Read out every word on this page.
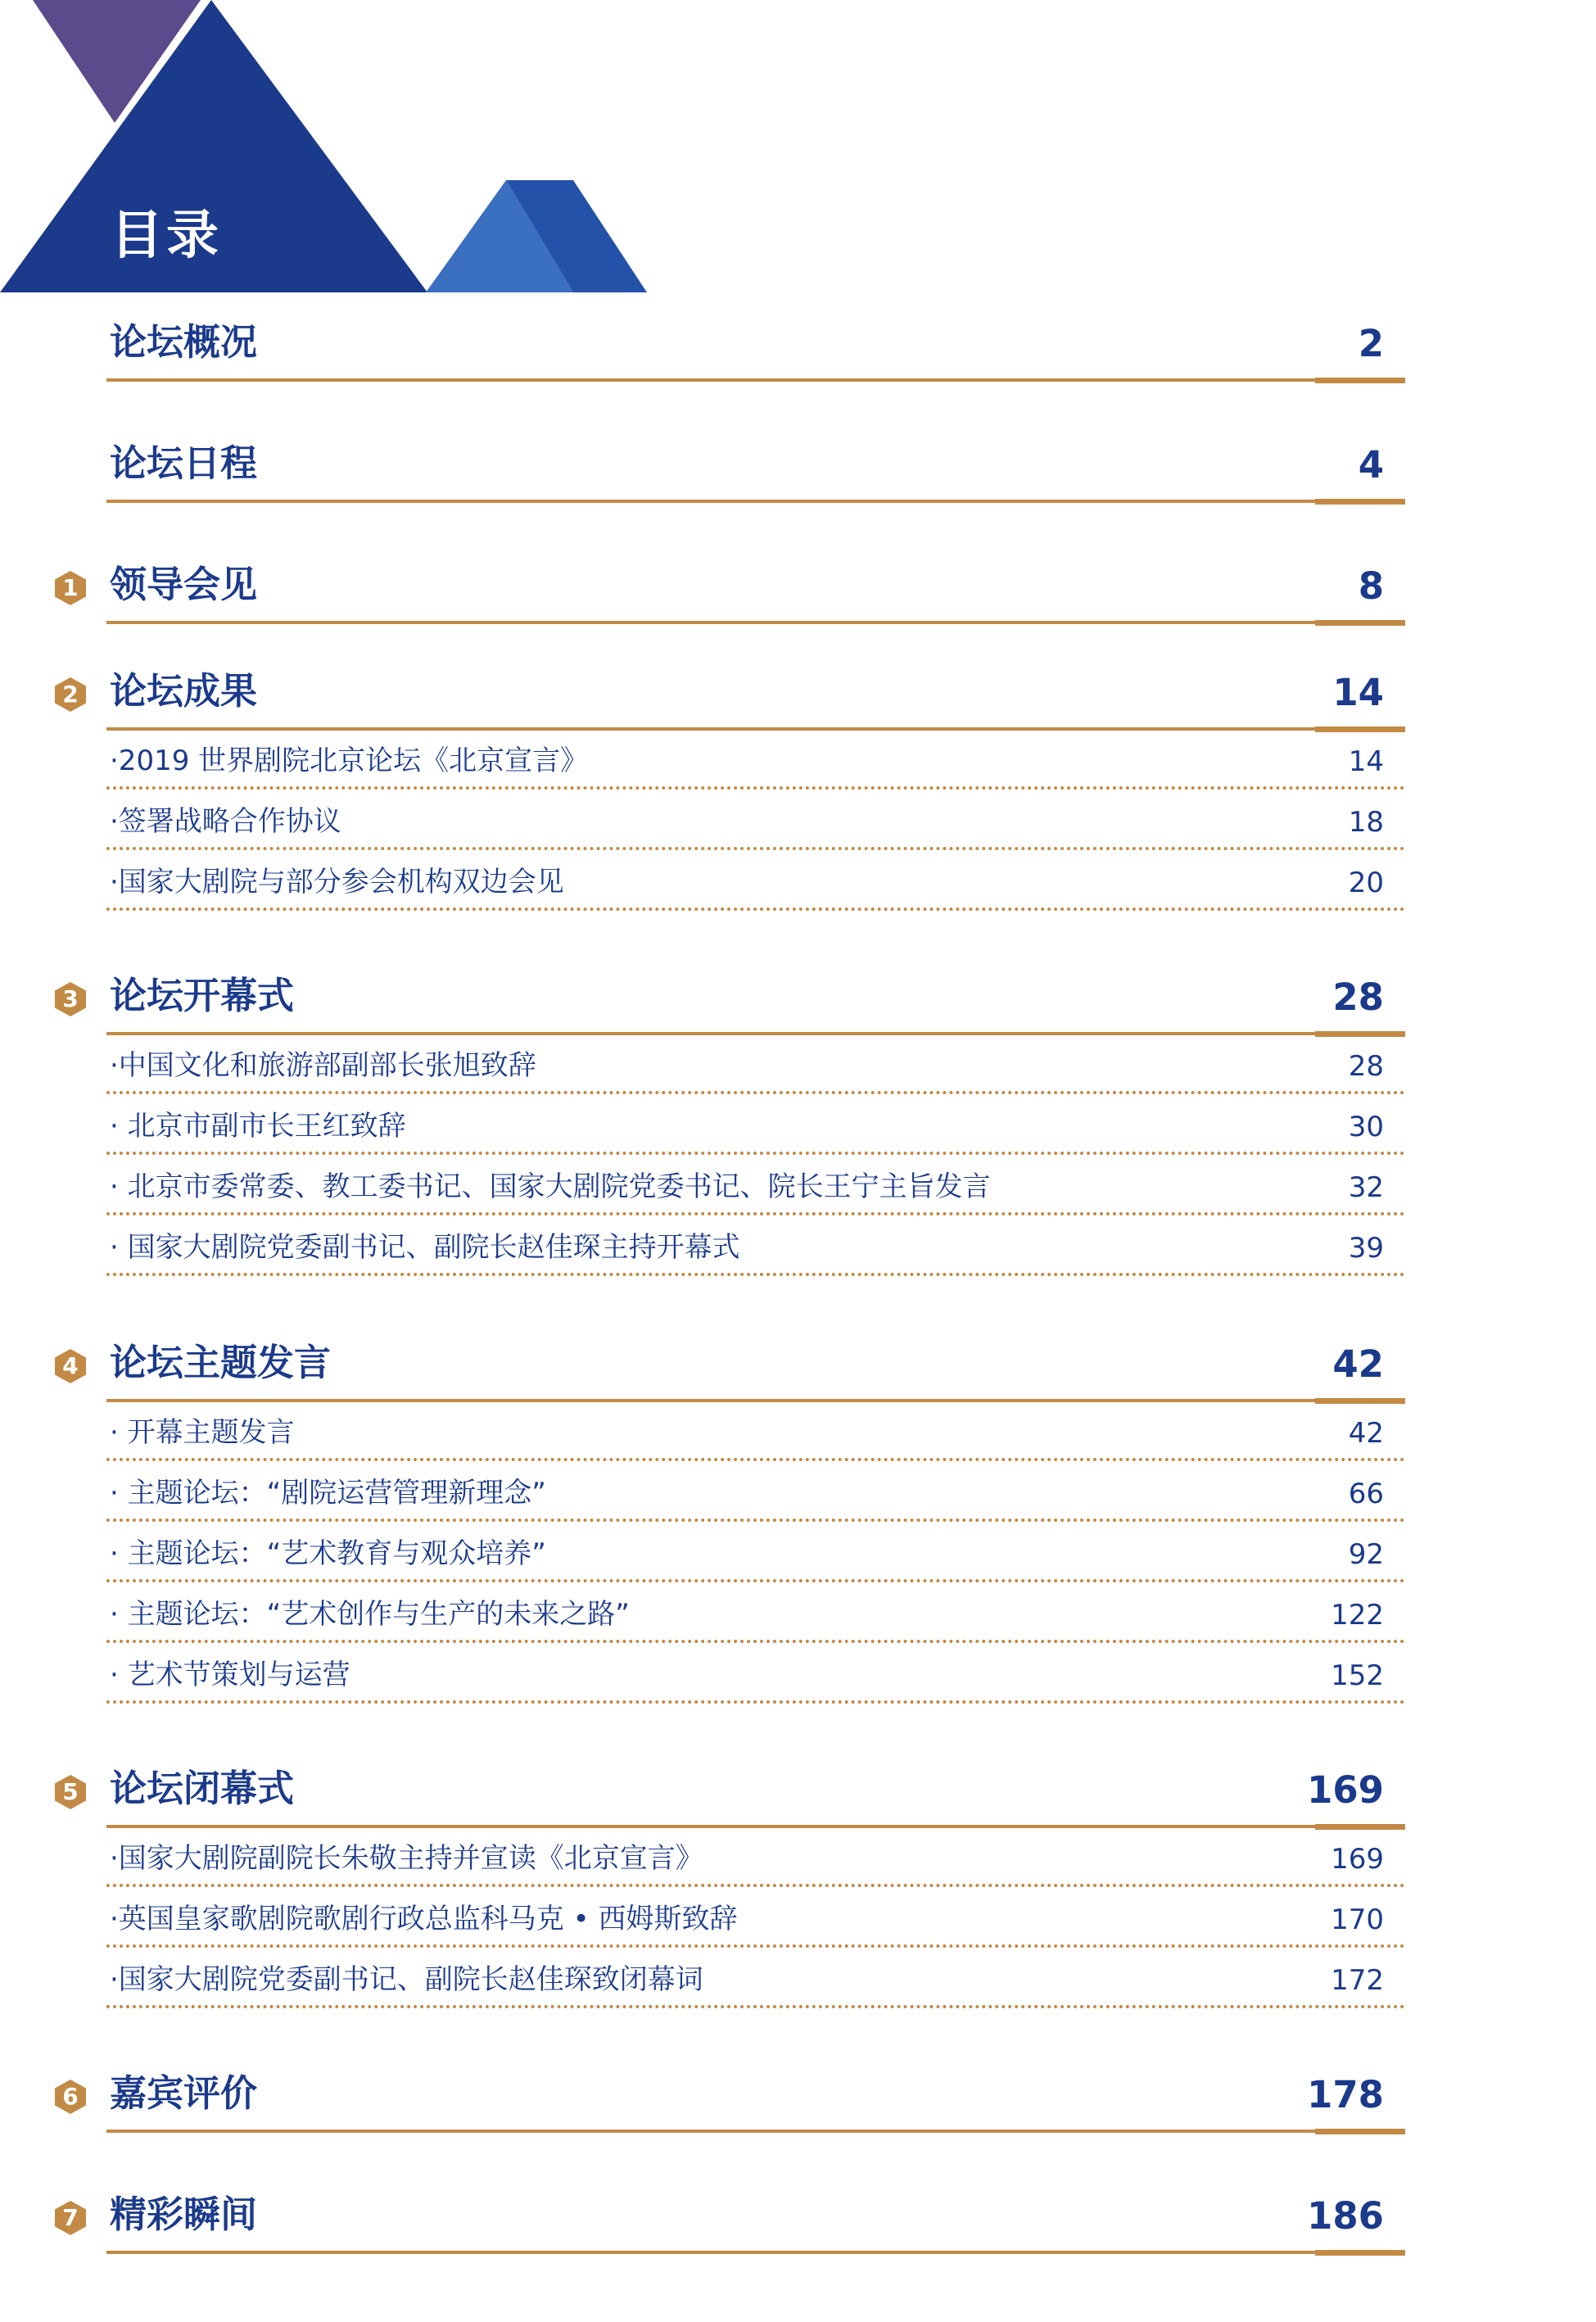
目录
论坛概况	2
论坛日程	4
1 领导会见	8
2 论坛成果	14
·2019 世界剧院北京论坛《北京宣言》	14
·签署战略合作协议	18
·国家大剧院与部分参会机构双边会见	20
3 论坛开幕式	28
·中国文化和旅游部副部长张旭致辞	28
· 北京市副市长王红致辞	30
· 北京市委常委、教工委书记、国家大剧院党委书记、院长王宁主旨发言	32
· 国家大剧院党委副书记、副院长赵佳琛主持开幕式	39
4 论坛主题发言	42
· 开幕主题发言	42
· 主题论坛：“剧院运营管理新理念”	66
· 主题论坛：“艺术教育与观众培养”	92
· 主题论坛：“艺术创作与生产的未来之路”	122
· 艺术节策划与运营	152
5 论坛闭幕式	169
·国家大剧院副院长朱敬主持并宣读《北京宣言》	169
·英国皇家歌剧院歌剧行政总监科马克 • 西姆斯致辞	170
·国家大剧院党委副书记、副院长赵佳琛致闭幕词	172
6 嘉宾评价	178
7 精彩瞬间	186
